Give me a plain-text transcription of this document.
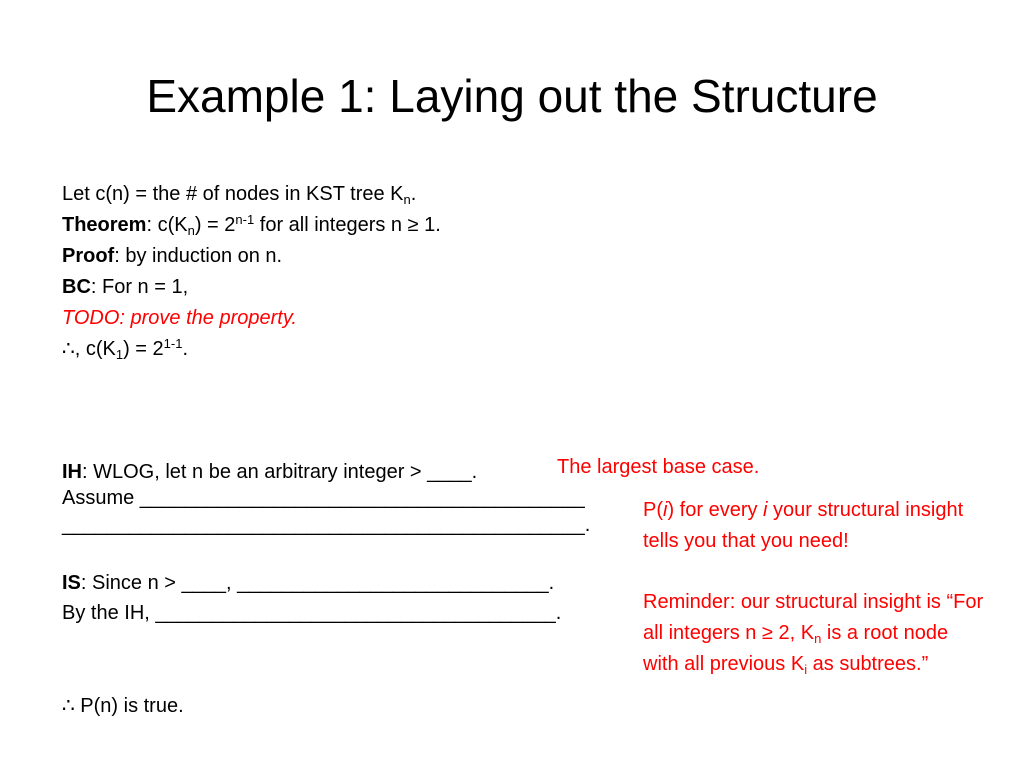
Example 1: Laying out the Structure
Let c(n) = the # of nodes in KST tree $K_n$.
Theorem: $c(K_n) = 2^{n-1}$ for all integers n ≥ 1.
Proof: by induction on n.
BC: For n = 1,
TODO: prove the property.
∴, $c(K_1) = 2^{1-1}$.
IH: WLOG, let n be an arbitrary integer > ____.
Assume ________________________________________
_______________________________________________.
IS: Since n > ____, ____________________________.
By the IH, ____________________________________.
∴ P(n) is true.
The largest base case.
P(i) for every i your structural insight tells you that you need!
Reminder: our structural insight is “For all integers n ≥ 2, $K_n$ is a root node with all previous $K_i$ as subtrees.”
